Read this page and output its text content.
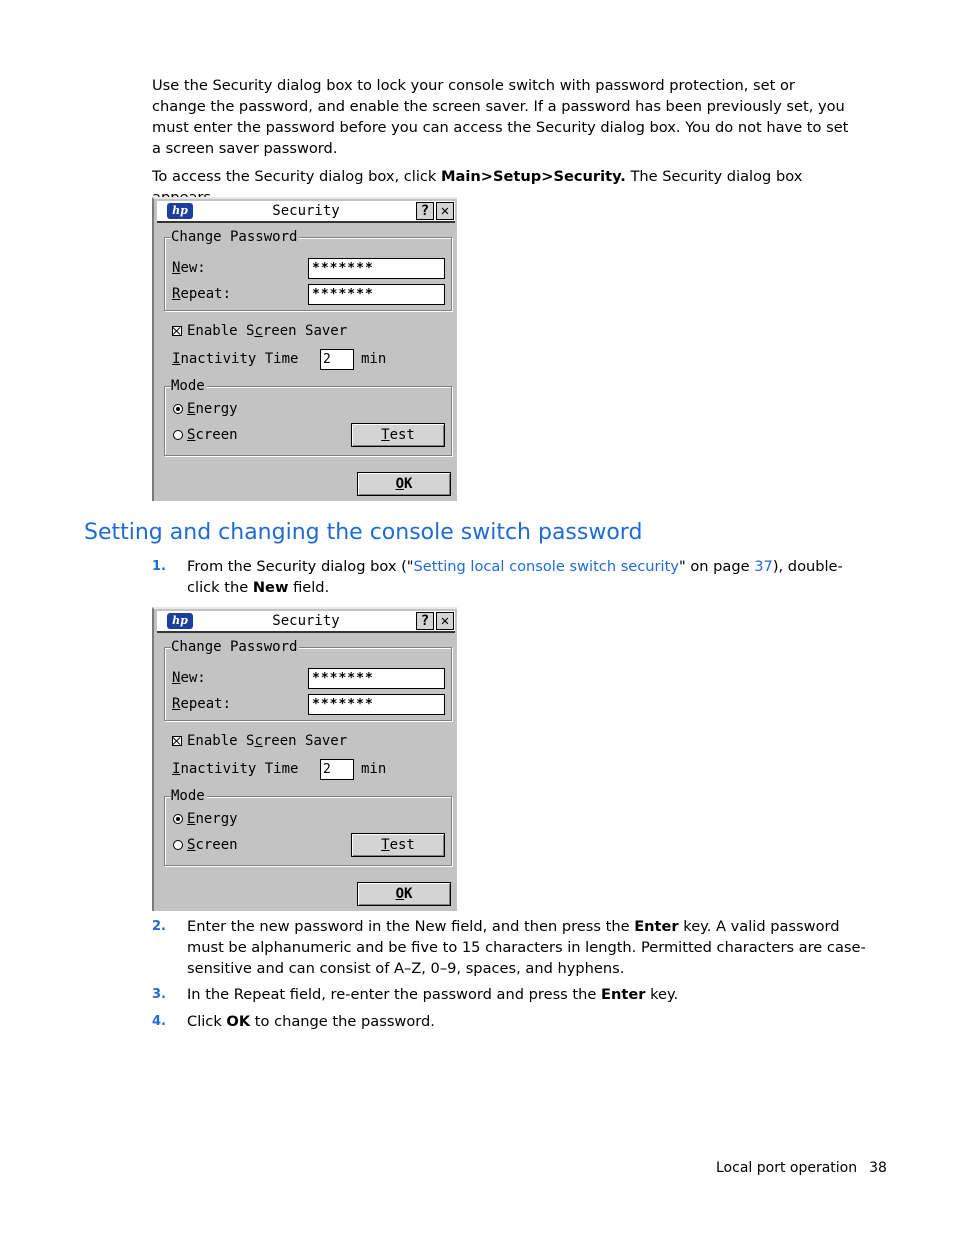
Use the Security dialog box to lock your console switch with password protection, set or change the password, and enable the screen saver. If a password has been previously set, you must enter the password before you can access the Security dialog box. You do not have to set a screen saver password.

To access the Security dialog box, click Main>Setup>Security. The Security dialog box

hp	Security	? ✕
Change Password
New:	*******
Repeat:	*******
Enable Screen Saver
Inactivity Time 2	min
Mode
Energy
Screen	Test
OK
Setting and changing the console switch password
1. From the Security dialog box ("Setting local console switch security" on page 37), double-click the New field.
hp	Security	? ✕
Change Password
New:	*******
Repeat:	*******
Enable Screen Saver
Inactivity Time 2	min
Mode
Energy
Screen	Test
OK
2. Enter the new password in the New field, and then press the Enter key. A valid password must be alphanumeric and be five to 15 characters in length. Permitted characters are case-sensitive and can consist of A–Z, 0–9, spaces, and hyphens.
3. In the Repeat field, re-enter the password and press the Enter key.
4. Click OK to change the password.
Local port operation 38
